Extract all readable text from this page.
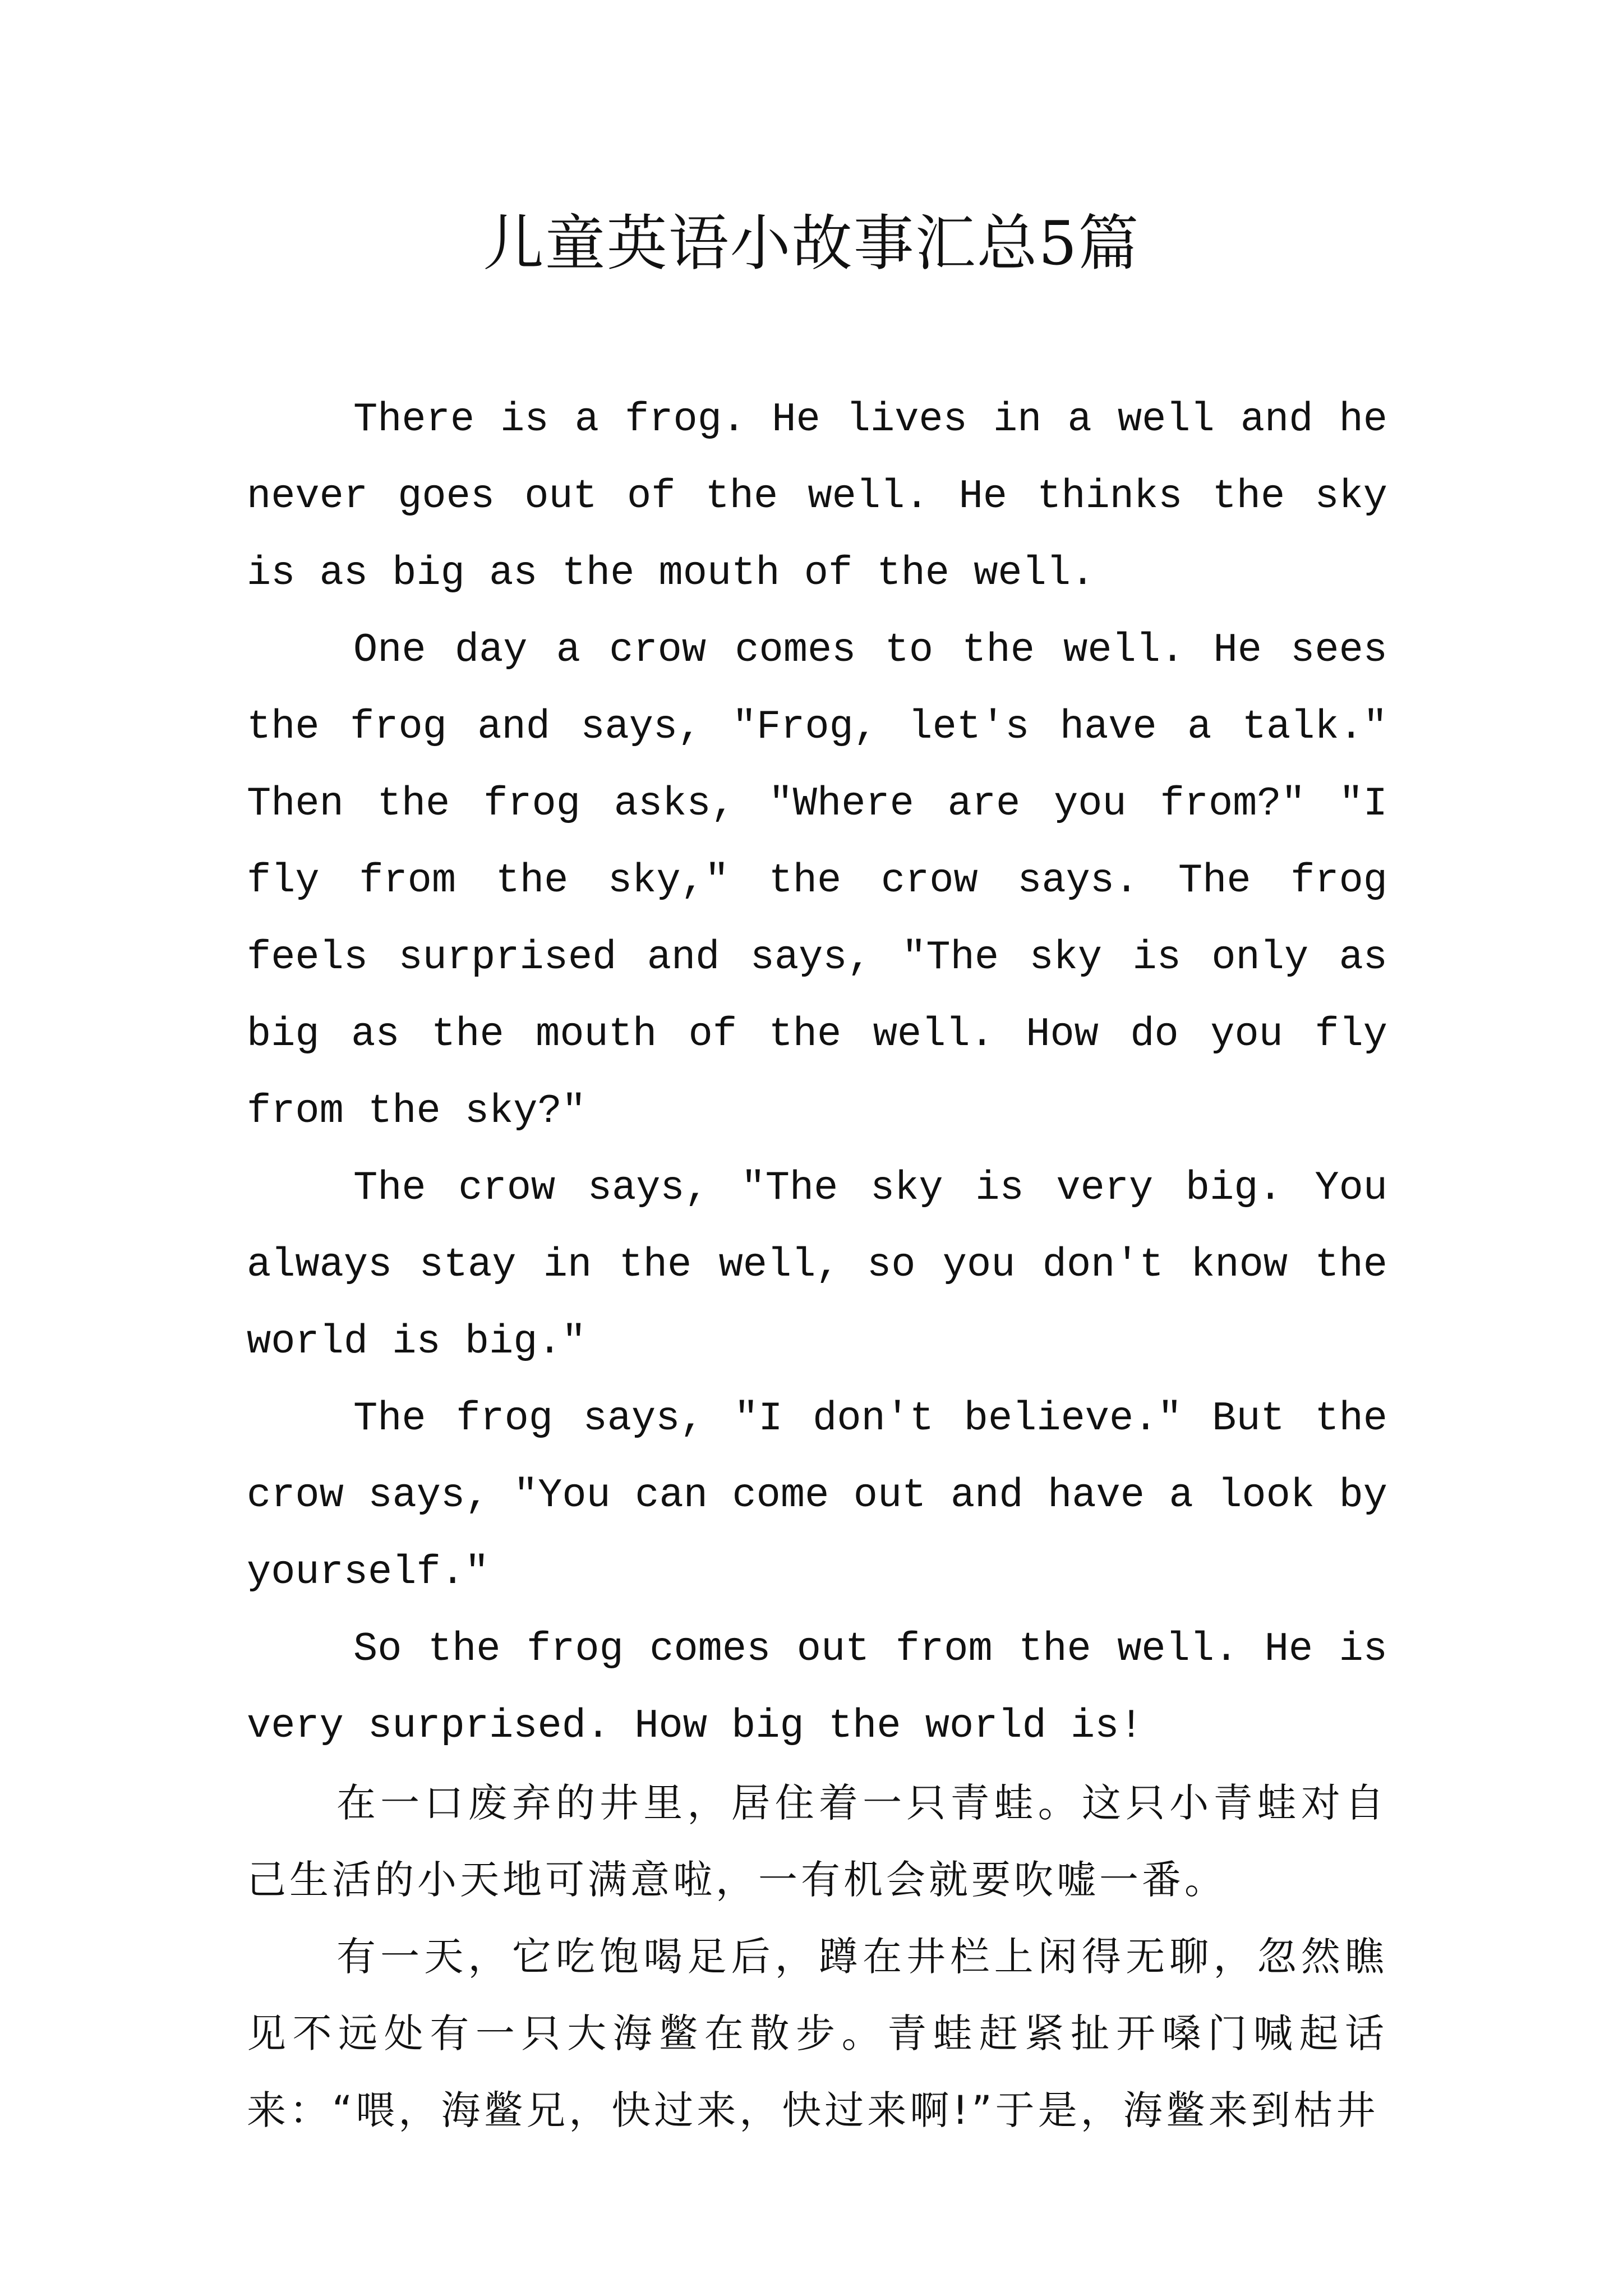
儿童英语小故事汇总5篇

There is a frog. He lives in a well and he never goes out of the well. He thinks the sky is as big as the mouth of the well.

One day a crow comes to the well. He sees the frog and says, "Frog, let's have a talk." Then the frog asks, "Where are you from?" "I fly from the sky," the crow says. The frog feels surprised and says, "The sky is only as big as the mouth of the well. How do you fly from the sky?"

The crow says, "The sky is very big. You always stay in the well, so you don't know the world is big."

The frog says, "I don't believe." But the crow says, "You can come out and have a look by yourself."

So the frog comes out from the well. He is very surprised. How big the world is!

在一口废弃的井里，居住着一只青蛙。这只小青蛙对自己生活的小天地可满意啦，一有机会就要吹嘘一番。

有一天，它吃饱喝足后，蹲在井栏上闲得无聊，忽然瞧见不远处有一只大海鳖在散步。青蛙赶紧扯开嗓门喊起话来：“喂，海鳖兄，快过来，快过来啊!”于是，海鳖来到枯井
